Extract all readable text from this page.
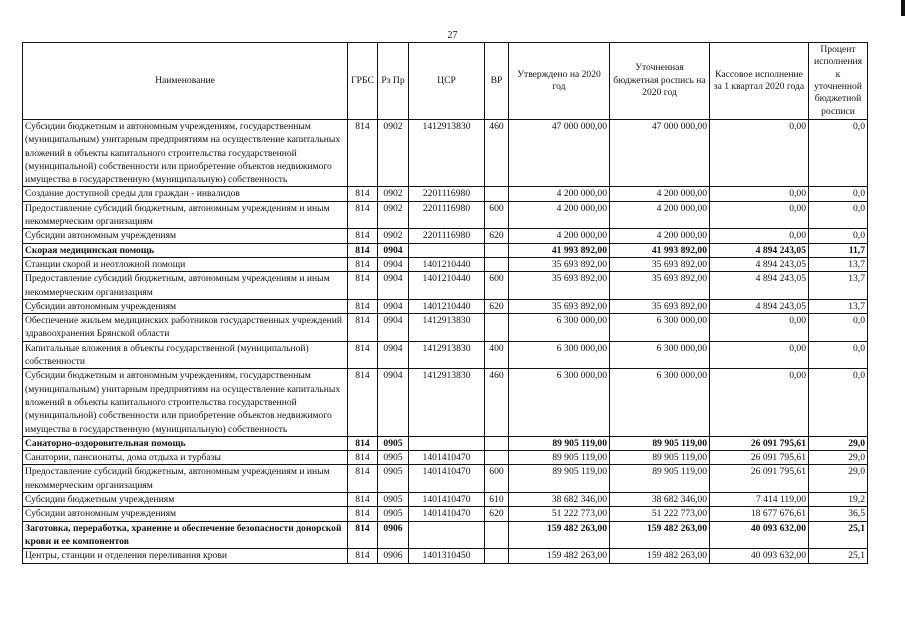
27
Наименование	ГРБС	Рз Пр	ЦСР	ВР	Утверждено на 2020 год	Уточненная бюджетная роспись на 2020 год	Кассовое исполнение за 1 квартал 2020 года	Процент исполнения к уточненной бюджетной росписи
Субсидии бюджетным и автономным учреждениям, государственным (муниципальным) унитарным предприятиям на осуществление капитальных вложений в объекты капитального строительства государственной (муниципальной) собственности или приобретение объектов недвижимого имущества в государственную (муниципальную) собственность	814	0902	1412913830	460	47 000 000,00	47 000 000,00	0,00	0,0
Создание доступной среды для граждан - инвалидов	814	0902	2201116980		4 200 000,00	4 200 000,00	0,00	0,0
Предоставление субсидий бюджетным, автономным учреждениям и иным некоммерческим организациям	814	0902	2201116980	600	4 200 000,00	4 200 000,00	0,00	0,0
Субсидии автономным учреждениям	814	0902	2201116980	620	4 200 000,00	4 200 000,00	0,00	0,0
Скорая медицинская помощь	814	0904			41 993 892,00	41 993 892,00	4 894 243,05	11,7
Станции скорой и неотложной помощи	814	0904	1401210440		35 693 892,00	35 693 892,00	4 894 243,05	13,7
Предоставление субсидий бюджетным, автономным учреждениям и иным некоммерческим организациям	814	0904	1401210440	600	35 693 892,00	35 693 892,00	4 894 243,05	13,7
Субсидии автономным учреждениям	814	0904	1401210440	620	35 693 892,00	35 693 892,00	4 894 243,05	13,7
Обеспечение жильем медицинских работников государственных учреждений здравоохранения Брянской области	814	0904	1412913830		6 300 000,00	6 300 000,00	0,00	0,0
Капитальные вложения в объекты государственной (муниципальной) собственности	814	0904	1412913830	400	6 300 000,00	6 300 000,00	0,00	0,0
Субсидии бюджетным и автономным учреждениям, государственным (муниципальным) унитарным предприятиям на осуществление капитальных вложений в объекты капитального строительства государственной (муниципальной) собственности или приобретение объектов недвижимого имущества в государственную (муниципальную) собственность	814	0904	1412913830	460	6 300 000,00	6 300 000,00	0,00	0,0
Санаторно-оздоровительная помощь	814	0905			89 905 119,00	89 905 119,00	26 091 795,61	29,0
Санатории, пансионаты, дома отдыха и турбазы	814	0905	1401410470		89 905 119,00	89 905 119,00	26 091 795,61	29,0
Предоставление субсидий бюджетным, автономным учреждениям и иным некоммерческим организациям	814	0905	1401410470	600	89 905 119,00	89 905 119,00	26 091 795,61	29,0
Субсидии бюджетным учреждениям	814	0905	1401410470	610	38 682 346,00	38 682 346,00	7 414 119,00	19,2
Субсидии автономным учреждениям	814	0905	1401410470	620	51 222 773,00	51 222 773,00	18 677 676,61	36,5
Заготовка, переработка, хранение и обеспечение безопасности донорской крови и ее компонентов	814	0906			159 482 263,00	159 482 263,00	40 093 632,00	25,1
Центры, станции и отделения переливания крови	814	0906	1401310450		159 482 263,00	159 482 263,00	40 093 632,00	25,1
